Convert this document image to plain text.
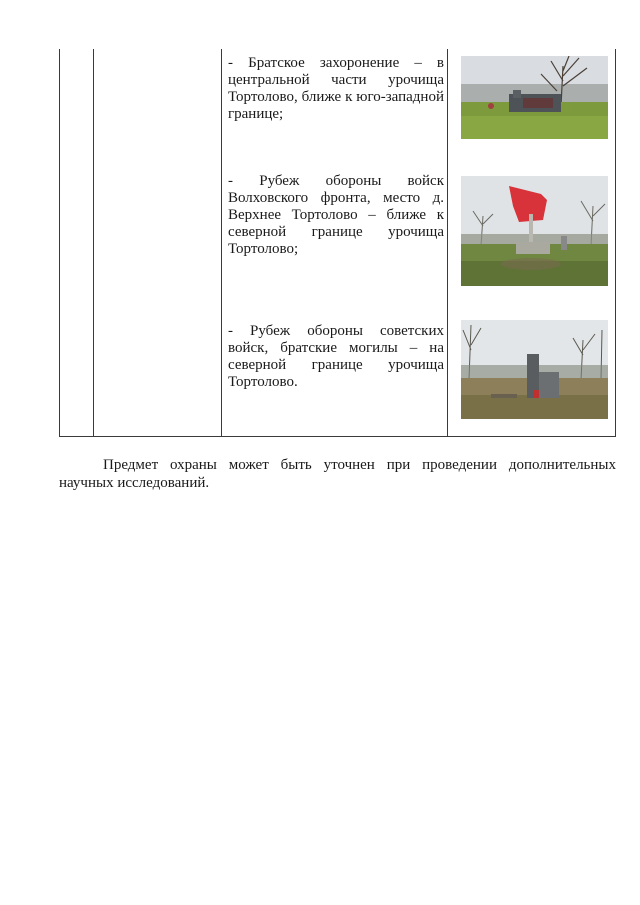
- Братское захоронение – в центральной части урочища Тортолово, ближе к юго-западной границе;
- Рубеж обороны войск Волховского фронта, место д. Верхнее Тортолово – ближе к северной границе урочища Тортолово;
- Рубеж обороны советских войск, братские могилы – на северной границе урочища Тортолово.
Предмет охраны может быть уточнен при проведении дополнительных научных исследований.
